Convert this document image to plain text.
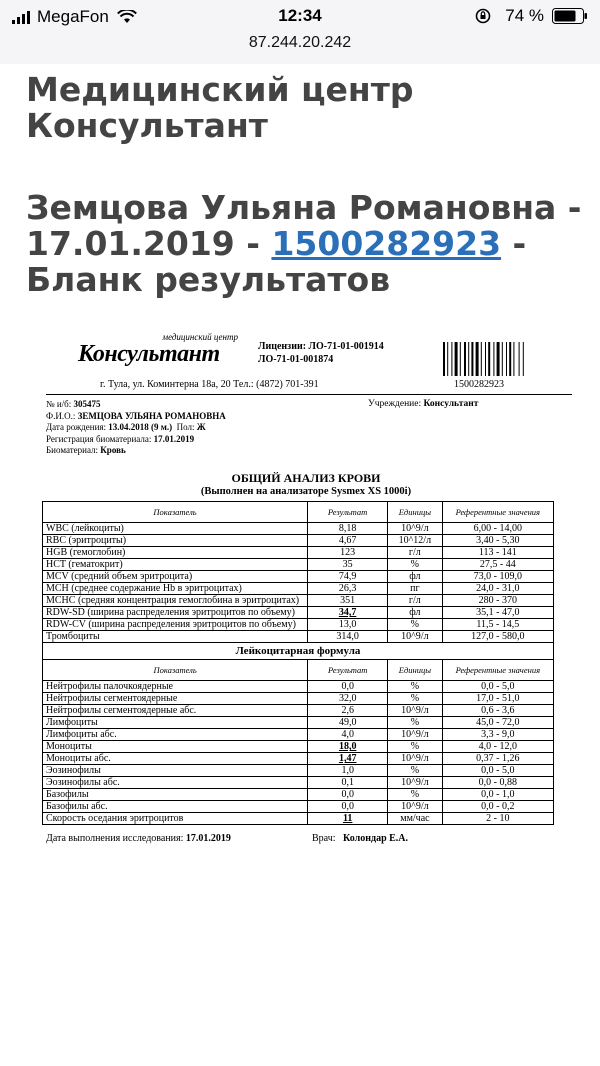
MegaFon	12:34	74 %
87.244.20.242
Медицинский центр Консультант
Земцова Ульяна Романовна - 17.01.2019 - 1500282923 - Бланк результатов
медицинский центр
Консультант	Лицензии: ЛО-71-01-001914
ЛО-71-01-001874
1500282923
г. Тула, ул. Коминтерна 18а, 20 Тел.: (4872) 701-391
№ и/б: 305475
Ф.И.О.: ЗЕМЦОВА УЛЬЯНА РОМАНОВНА
Дата рождения: 13.04.2018 (9 м.) Пол: Ж
Регистрация биоматериала: 17.01.2019
Биоматериал: Кровь
Учреждение: Консультант
ОБЩИЙ АНАЛИЗ КРОВИ
(Выполнен на анализаторе Sysmex XS 1000i)
Показатель	Результат	Единицы	Референтные значения
WBC (лейкоциты)	8,18	10^9/л	6,00 - 14,00
RBC (эритроциты)	4,67	10^12/л	3,40 - 5,30
HGB (гемоглобин)	123	г/л	113 - 141
HCT (гематокрит)	35	%	27,5 - 44
MCV (средний объем эритроцита)	74,9	фл	73,0 - 109,0
MCH (среднее содержание Hb в эритроцитах)	26,3	пг	24,0 - 31,0
MCHC (средняя концентрация гемоглобина в эритроцитах)	351	г/л	280 - 370
RDW-SD (ширина распределения эритроцитов по объему)	34,7	фл	35,1 - 47,0
RDW-CV (ширина распределения эритроцитов по объему)	13,0	%	11,5 - 14,5
Тромбоциты	314,0	10^9/л	127,0 - 580,0
Лейкоцитарная формула
Показатель	Результат	Единицы	Референтные значения
Нейтрофилы палочкоядерные	0,0	%	0,0 - 5,0
Нейтрофилы сегментоядерные	32,0	%	17,0 - 51,0
Нейтрофилы сегментоядерные абс.	2,6	10^9/л	0,6 - 3,6
Лимфоциты	49,0	%	45,0 - 72,0
Лимфоциты абс.	4,0	10^9/л	3,3 - 9,0
Моноциты	18,0	%	4,0 - 12,0
Моноциты абс.	1,47	10^9/л	0,37 - 1,26
Эозинофилы	1,0	%	0,0 - 5,0
Эозинофилы абс.	0,1	10^9/л	0,0 - 0,88
Базофилы	0,0	%	0,0 - 1,0
Базофилы абс.	0,0	10^9/л	0,0 - 0,2
Скорость оседания эритроцитов	11	мм/час	2 - 10
Дата выполнения исследования: 17.01.2019	Врач: Колондар Е.А.
